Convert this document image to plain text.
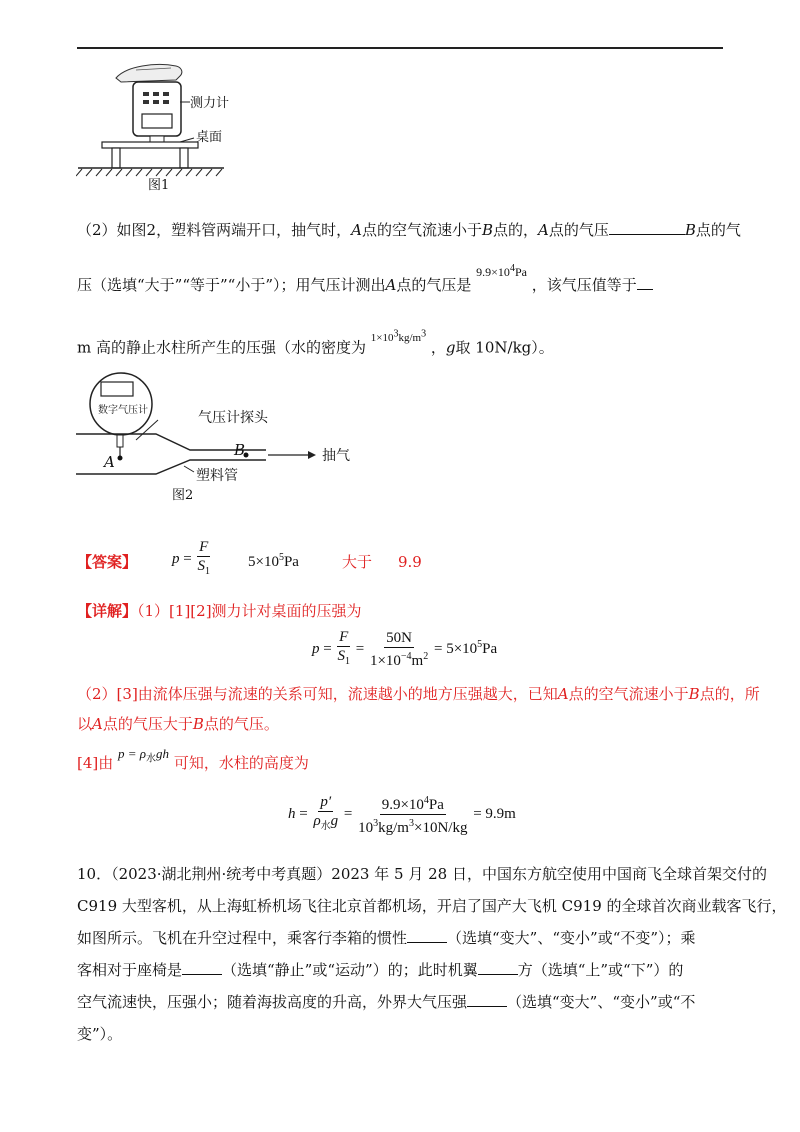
测力计
桌面
图1
（2）如图2，塑料管两端开口，抽气时，A点的空气流速小于B点的，A点的气压	B点的气
压（选填“大于”“等于”“小于”）；用气压计测出A点的气压是 $^{9.9\times 10^4Pa}$ ，该气压值等于
m 高的静止水柱所产生的压强（水的密度为 $^{1\times 10^3kg/m^3}$ ，g取 10N/kg）。
数字气压计	气压计探头
塑料管
抽气
A
B
图2
【答案】 $p = \frac{F}{S_1} 5\times 10^5Pa$	大于 9.9
【详解】（1）[1][2]测力计对桌面的压强为
$p = \frac{F}{S_1} = \frac{50N}{1\times 10^{-4}m^2} = 5\times 10^5Pa$
（2）[3]由流体压强与流速的关系可知，流速越小的地方压强越大，已知A点的空气流速小于B点的，所
以A点的气压大于B点的气压。
[4]由 $p = \rho_水gh$ 可知，水柱的高度为
$h = \frac{p'}{\rho_水g} = \frac{9.9\times 10^4Pa}{10^3kg/m^3\times 10N/kg} = 9.9m$
10．（2023·湖北荆州·统考中考真题）2023 年 5 月 28 日，中国东方航空使用中国商飞全球首架交付的
C919 大型客机，从上海虹桥机场飞往北京首都机场，开启了国产大飞机 C919 的全球首次商业载客飞行，
如图所示。飞机在升空过程中，乘客行李箱的惯性	（选填“变大”、“变小”或“不变”）；乘
客相对于座椅是	（选填“静止”或“运动”）的；此时机翼	方（选填“上”或“下”）的
空气流速快，压强小；随着海拔高度的升高，外界大气压强	（选填“变大”、“变小”或“不
变”）。
